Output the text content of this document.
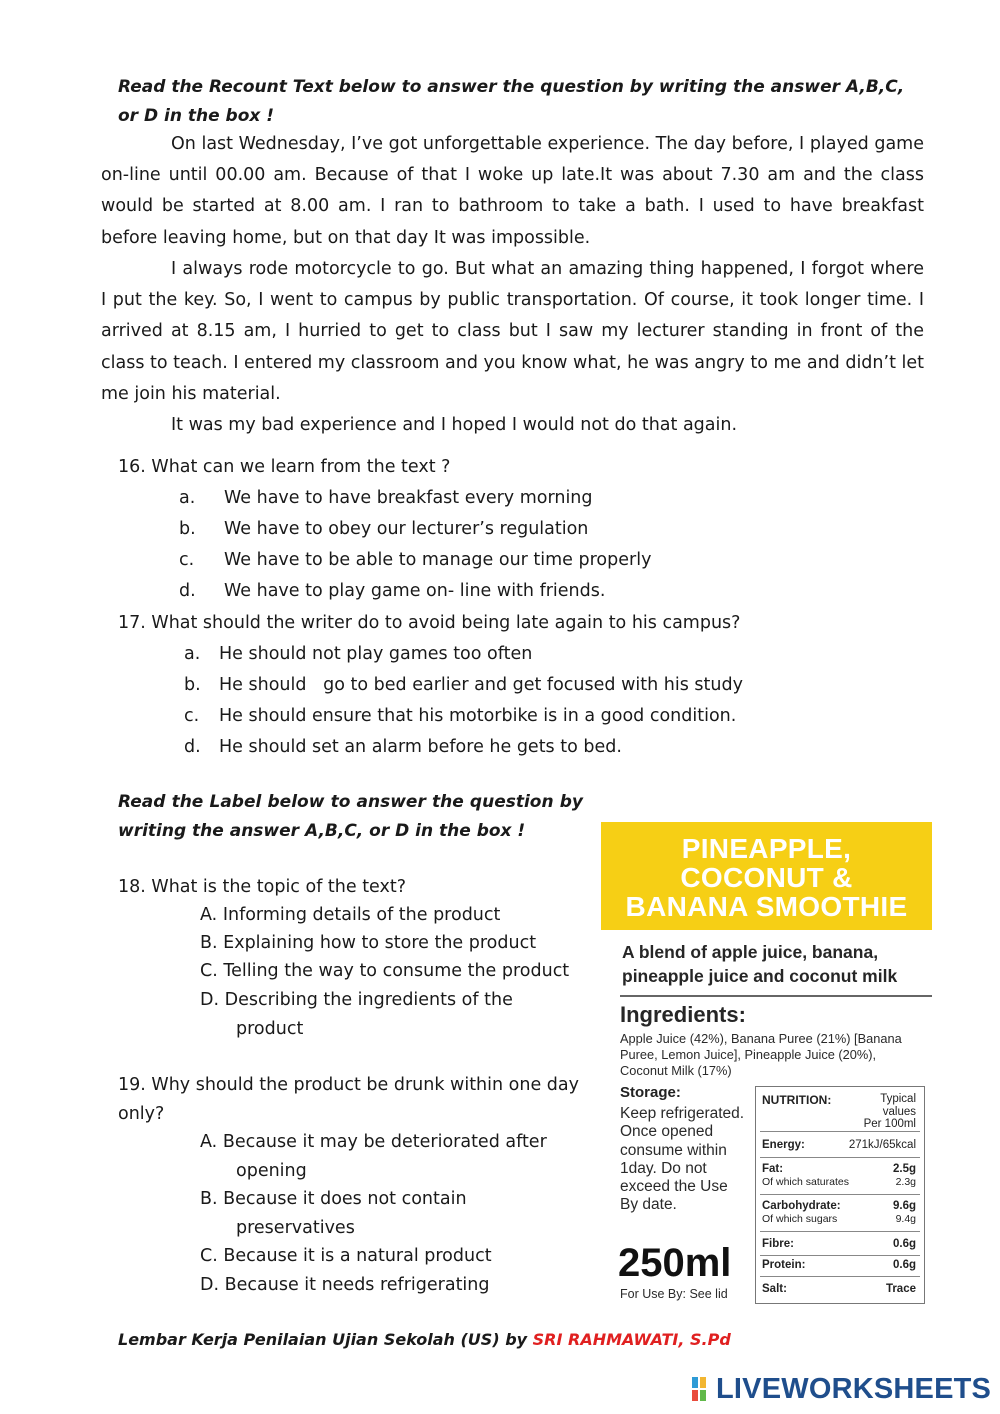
Read the Recount Text below to answer the question by writing the answer A,B,C, or D in the box !
On last Wednesday, I’ve got unforgettable experience. The day before, I played game on-line until 00.00 am. Because of that I woke up late.It was about 7.30 am and the class would be started at 8.00 am. I ran to bathroom to take a bath. I used to have breakfast before leaving home, but on that day It was impossible.
I always rode motorcycle to go. But what an amazing thing happened, I forgot where I put the key. So, I went to campus by public transportation. Of course, it took longer time. I arrived at 8.15 am, I hurried to get to class but I saw my lecturer standing in front of the class to teach. I entered my classroom and you know what, he was angry to me and didn’t let me join his material.
It was my bad experience and I hoped I would not do that again.
16. What can we learn from the text ?
a. We have to have breakfast every morning
b. We have to obey our lecturer’s regulation
c. We have to be able to manage our time properly
d. We have to play game on- line with friends.
17. What should the writer do to avoid being late again to his campus?
a. He should not play games too often
b. He should   go to bed earlier and get focused with his study
c. He should ensure that his motorbike is in a good condition.
d. He should set an alarm before he gets to bed.
Read the Label below to answer the question by writing the answer A,B,C, or D in the box !
18. What is the topic of the text?
A. Informing details of the product
B. Explaining how to store the product
C. Telling the way to consume the product
D. Describing the ingredients of the
product
19. Why should the product be drunk within one day only?
A. Because it may be deteriorated after
opening
B. Because it does not contain
preservatives
C. Because it is a natural product
D. Because it needs refrigerating
PINEAPPLE,
COCONUT &
BANANA SMOOTHIE
A blend of apple juice, banana, pineapple juice and coconut milk
Ingredients:
Apple Juice (42%), Banana Puree (21%) [Banana Puree, Lemon Juice], Pineapple Juice (20%), Coconut Milk (17%)
Storage:
Keep refrigerated. Once opened consume within 1day. Do not exceed the Use By date.
250ml
For Use By: See lid
NUTRITION:	Typical
values
Per 100ml
Energy:	271kJ/65kcal
Fat:	2.5g
Of which saturates	2.3g
Carbohydrate:	9.6g
Of which sugars	9.4g
Fibre:	0.6g
Protein:	0.6g
Salt:	Trace
Lembar Kerja Penilaian Ujian Sekolah (US) by SRI RAHMAWATI, S.Pd
LIVEWORKSHEETS
